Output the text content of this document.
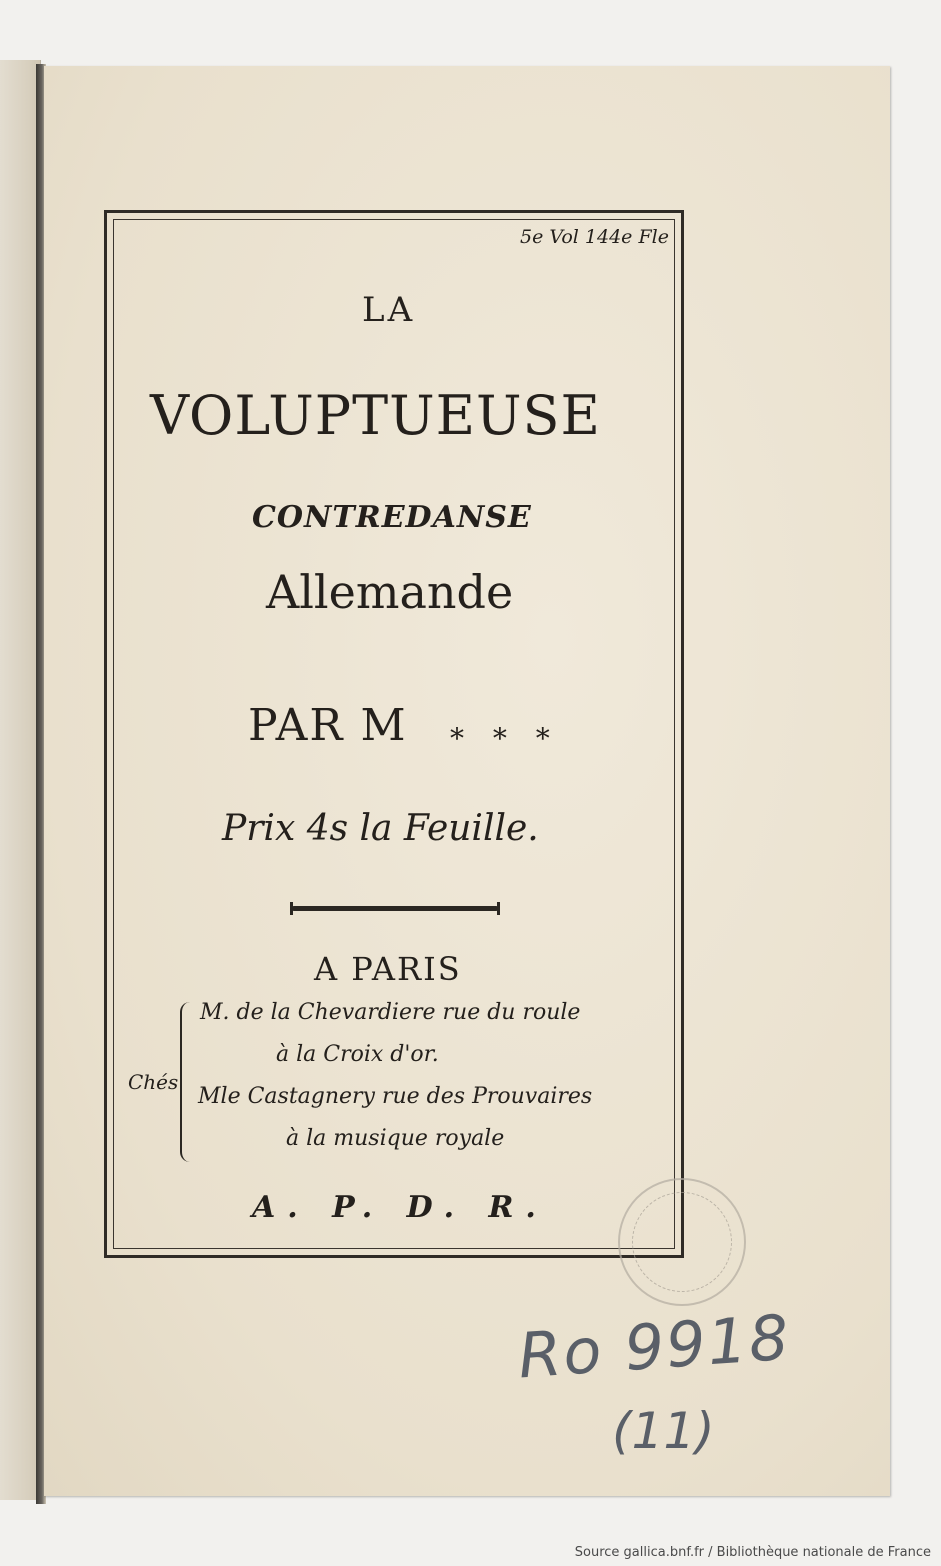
5e Vol 144e Fle
LA
VOLUPTUEUSE
CONTREDANSE
Allemande
PAR M * * *
Prix 4s la Feuille.
A PARIS
Chés
M. de la Chevardiere rue du roule
à la Croix d'or.
Mle Castagnery rue des Prouvaires
à la musique royale
A. P. D. R.
Ro 9918
(11)
Source gallica.bnf.fr / Bibliothèque nationale de France
